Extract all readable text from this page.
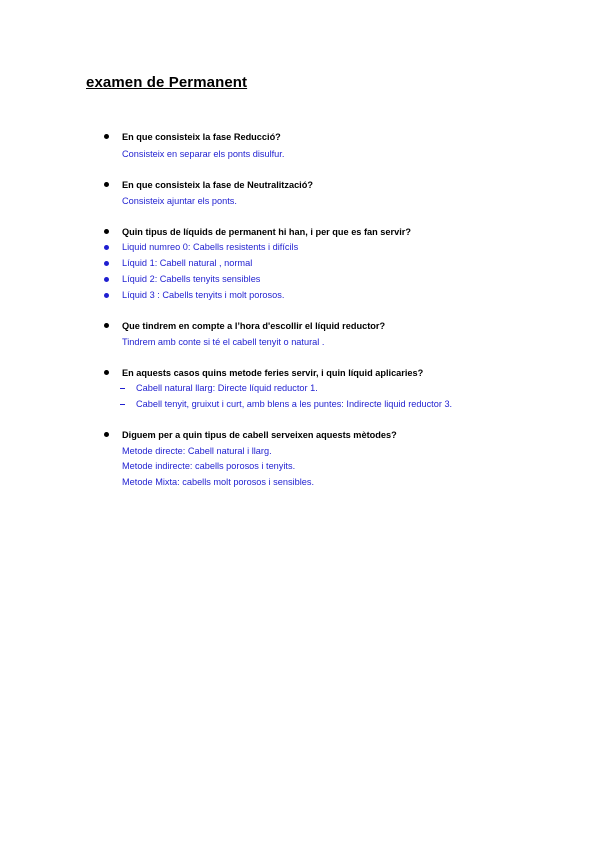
examen de Permanent
En que consisteix la fase Reducció?
Consisteix en separar els ponts disulfur.
En que consisteix la fase de Neutralització?
Consisteix ajuntar els ponts.
Quin tipus de líquids de permanent hi han, i per que es fan servir?
Liquid numreo 0: Cabells resistents i difícils
Líquid 1: Cabell natural , normal
Líquid 2: Cabells tenyits sensibles
Líquid 3 : Cabells tenyits i molt porosos.
Que tindrem en compte a l’hora d'escollir el líquid reductor?
Tindrem amb conte si té el cabell tenyit o natural .
En aquests casos quins metode feries servir, i quin líquid aplicaries?
Cabell natural llarg: Directe líquid reductor 1.
Cabell tenyit, gruixut i curt, amb blens a les puntes: Indirecte liquid reductor 3.
Diguem per a quin tipus de cabell serveixen aquests mètodes?
Metode directe: Cabell natural i llarg.
Metode indirecte: cabells porosos i tenyits.
Metode Mixta: cabells molt porosos i sensibles.
